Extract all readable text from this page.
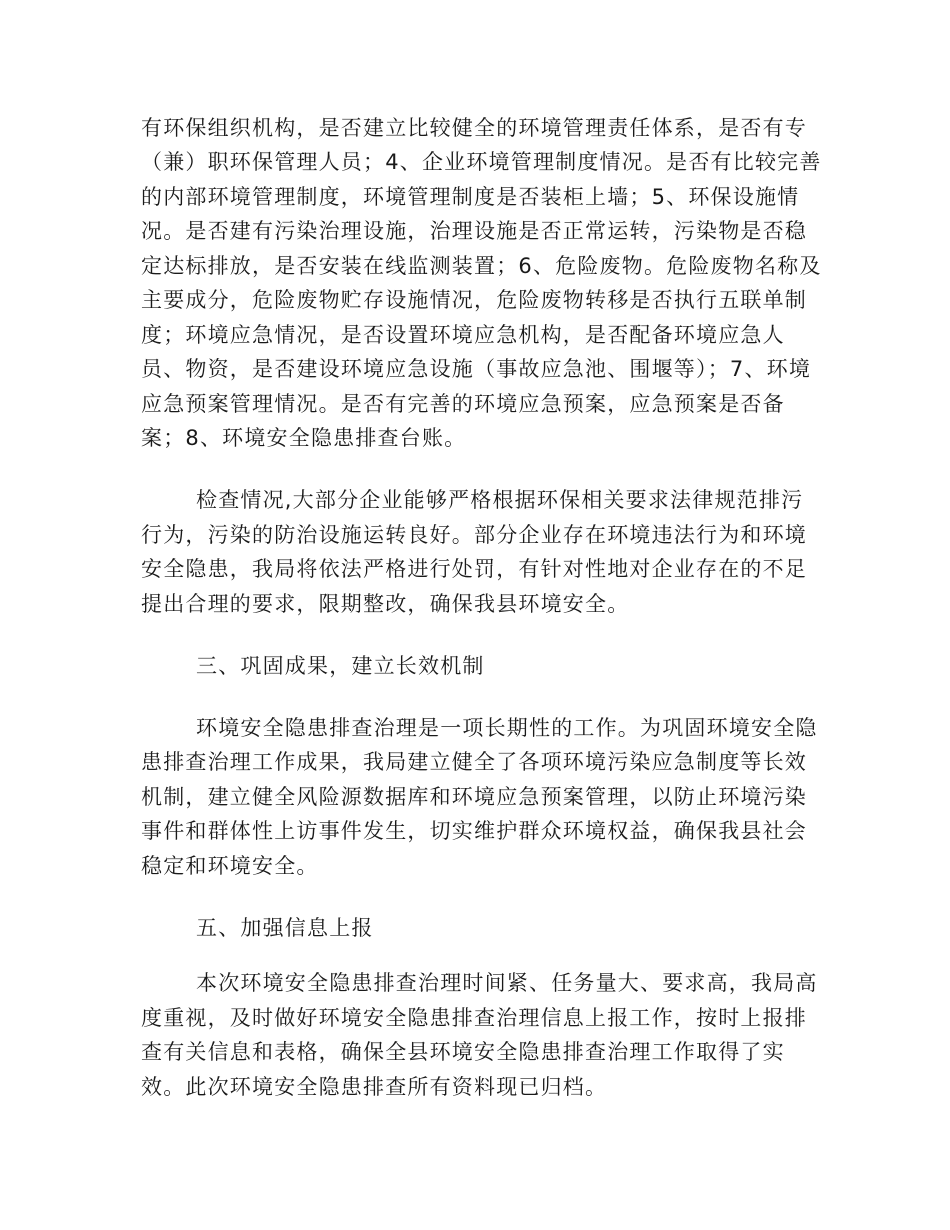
有环保组织机构，是否建立比较健全的环境管理责任体系，是否有专
（兼）职环保管理人员；4、企业环境管理制度情况。是否有比较完善
的内部环境管理制度，环境管理制度是否装柜上墙；5、环保设施情
况。是否建有污染治理设施，治理设施是否正常运转，污染物是否稳
定达标排放，是否安装在线监测装置；6、危险废物。危险废物名称及
主要成分，危险废物贮存设施情况，危险废物转移是否执行五联单制
度；环境应急情况，是否设置环境应急机构，是否配备环境应急人
员、物资，是否建设环境应急设施（事故应急池、围堰等）；7、环境
应急预案管理情况。是否有完善的环境应急预案，应急预案是否备
案；8、环境安全隐患排查台账。
检查情况,大部分企业能够严格根据环保相关要求法律规范排污
行为，污染的防治设施运转良好。部分企业存在环境违法行为和环境
安全隐患，我局将依法严格进行处罚，有针对性地对企业存在的不足
提出合理的要求，限期整改，确保我县环境安全。
三、巩固成果，建立长效机制
环境安全隐患排查治理是一项长期性的工作。为巩固环境安全隐
患排查治理工作成果，我局建立健全了各项环境污染应急制度等长效
机制，建立健全风险源数据库和环境应急预案管理，以防止环境污染
事件和群体性上访事件发生，切实维护群众环境权益，确保我县社会
稳定和环境安全。
五、加强信息上报
本次环境安全隐患排查治理时间紧、任务量大、要求高，我局高
度重视，及时做好环境安全隐患排查治理信息上报工作，按时上报排
查有关信息和表格，确保全县环境安全隐患排查治理工作取得了实
效。此次环境安全隐患排查所有资料现已归档。
